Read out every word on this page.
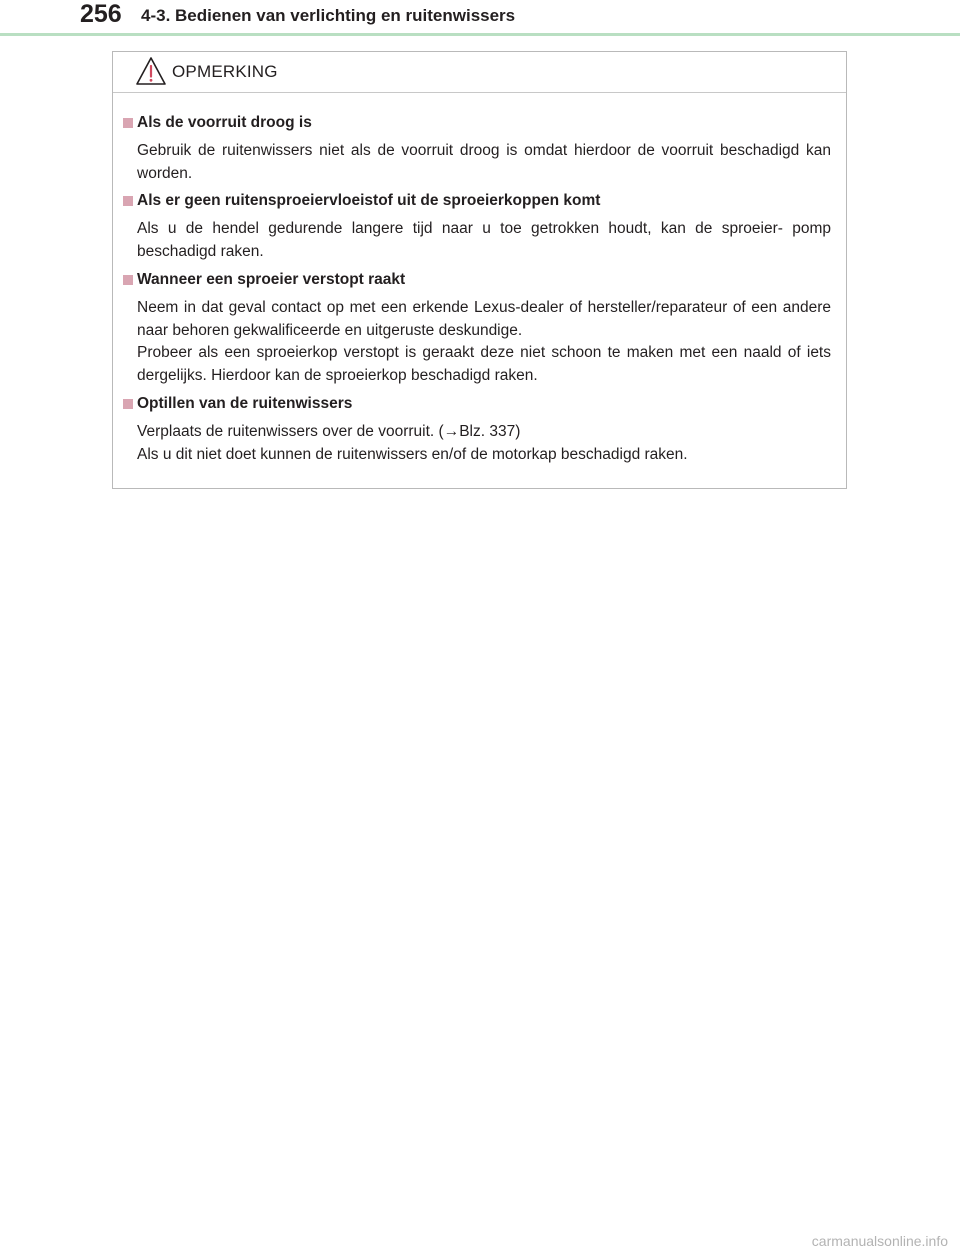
256 4-3. Bedienen van verlichting en ruitenwissers
OPMERKING
Als de voorruit droog is

Gebruik de ruitenwissers niet als de voorruit droog is omdat hierdoor de voorruit beschadigd kan worden.

Als er geen ruitensproeiervloeistof uit de sproeierkoppen komt

Als u de hendel gedurende langere tijd naar u toe getrokken houdt, kan de sproeier- pomp beschadigd raken.

Wanneer een sproeier verstopt raakt

Neem in dat geval contact op met een erkende Lexus-dealer of hersteller/reparateur of een andere naar behoren gekwalificeerde en uitgeruste deskundige.

Probeer als een sproeierkop verstopt is geraakt deze niet schoon te maken met een naald of iets dergelijks. Hierdoor kan de sproeierkop beschadigd raken.

Optillen van de ruitenwissers

Verplaats de ruitenwissers over de voorruit. (→Blz. 337)

Als u dit niet doet kunnen de ruitenwissers en/of de motorkap beschadigd raken.

carmanualsonline.info
